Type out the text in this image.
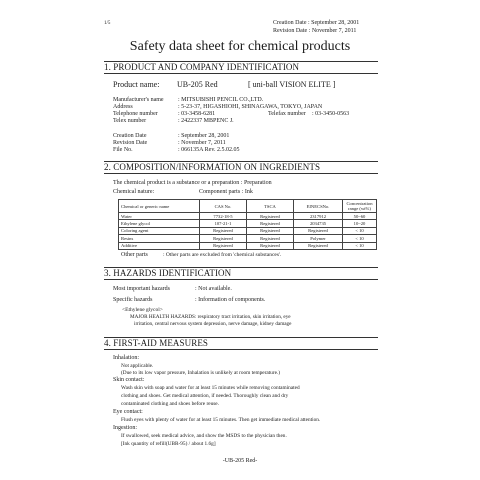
1/5	Creation Date : September 28, 2001
Revision Date : November 7, 2011
Safety data sheet for chemical products
1. PRODUCT AND COMPANY IDENTIFICATION
Product name: UB-205 Red	[ uni-ball VISION ELITE ]
Manufacturer's name : MITSUBISHI PENCIL CO.,LTD.
Address	: 5-23-37, HIGASHIOHI, SHINAGAWA, TOKYO, JAPAN
Telephone number	: 03-3458-6281	Telefax number : 03-3450-0563
Telex number	: 2422337 MBPENC J.
Creation Date	: September 28, 2001
Revision Date	: November 7, 2011
File No.	: 066135A Rev. 2.5.02.05
2. COMPOSITION/INFORMATION ON INGREDIENTS
The chemical product is a substance or a preparation : Preparation
Chemical nature:	Component parts : Ink
Chemical or generic name	CAS No.	TSCA	EINECSNo.	Concentration range (wt%)
Water	7732-18-5	Registered	2317912	50~60
Ethylene glycol	107-21-1	Registered	2034735	10~20
Coloring agent	Registered	Registered	Registered	< 10
Resins	Registered	Registered	Polymer	< 10
Additive	Registered	Registered	Registered	< 10
Other parts	: Other parts are excluded from 'chemical substances'.
3. HAZARDS IDENTIFICATION
Most important hazards	: Not available.
Specific hazards	: Information of components.
<Ethylene glycol>
MAJOR HEALTH HAZARDS: respiratory tract irritation, skin irritation, eye
irritation, central nervous system depression, nerve damage, kidney damage
4. FIRST-AID MEASURES
Inhalation:
Not applicable.
(Due to its low vapor pressure, Inhalation is unlikely at room temperature.)
Skin contact:
Wash skin with soap and water for at least 15 minutes while removing contaminated
clothing and shoes. Get medical attention, if needed. Thoroughly clean and dry
contaminated clothing and shoes before reuse.
Eye contact:
Flush eyes with plenty of water for at least 15 minutes. Then get immediate medical attention.
Ingestion:
If swallowed, seek medical advice, and show the MSDS to the physician then.
[Ink quantity of refill(UBR-95) / about 1.6g]
-UB-205 Red-
